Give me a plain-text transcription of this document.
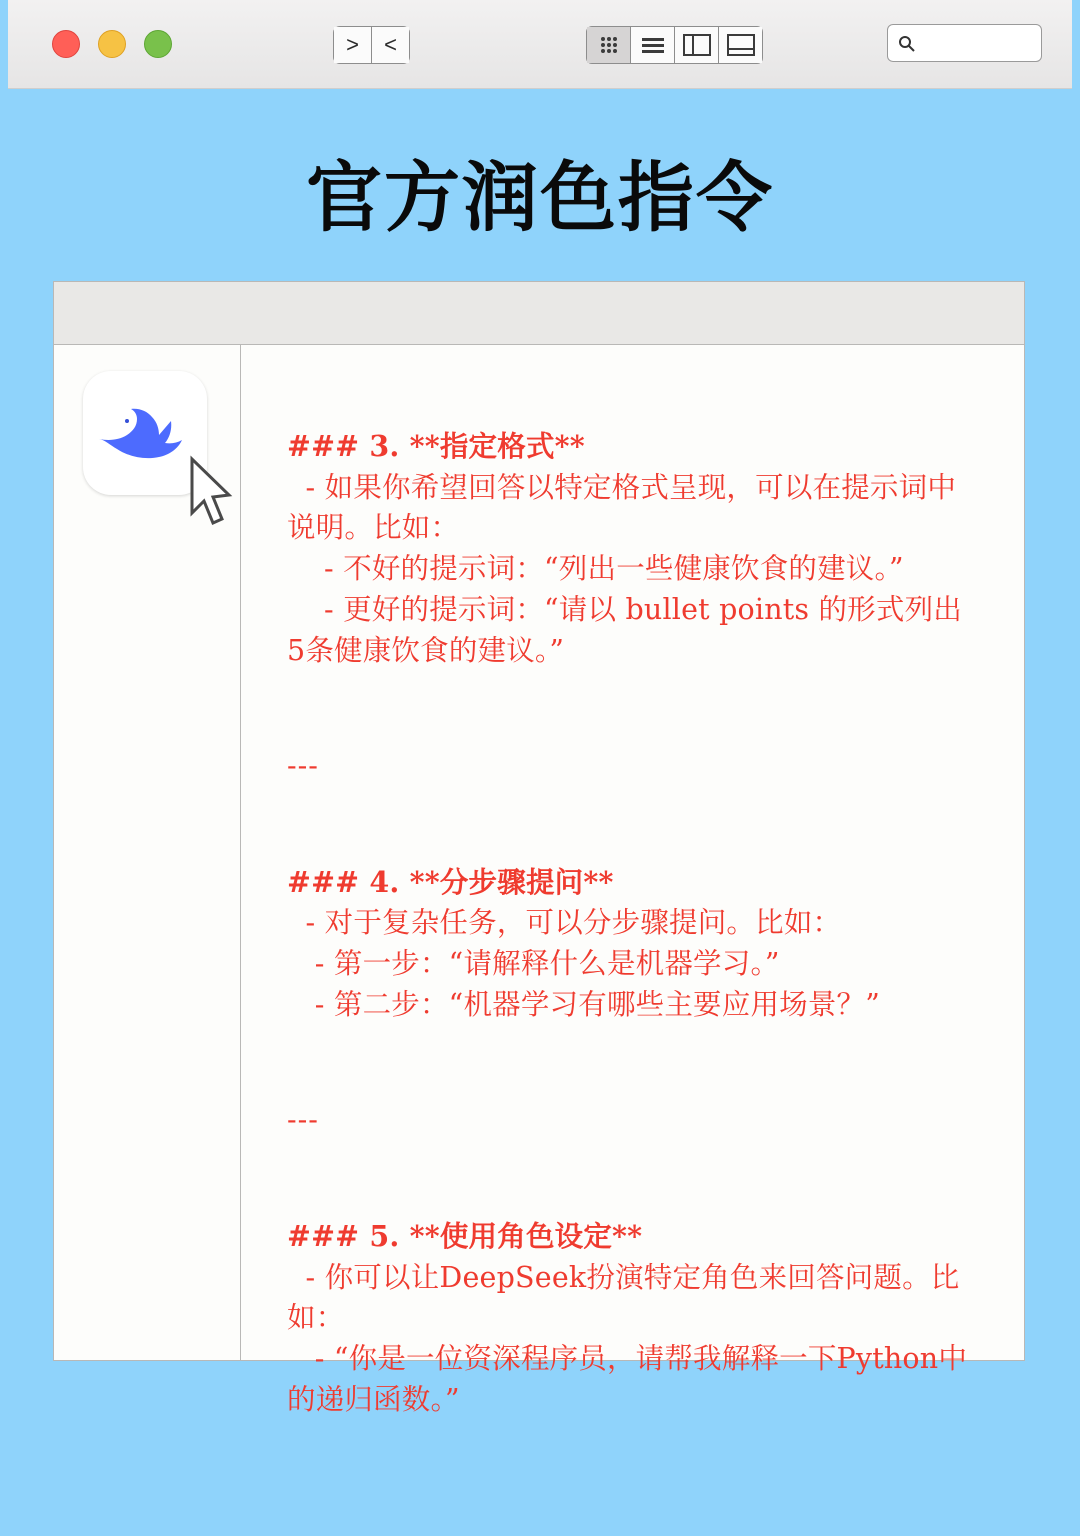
>	<
官方润色指令

### 3. **指定格式**
- 如果你希望回答以特定格式呈现，可以在提示词中说明。比如：
- 不好的提示词：“列出一些健康饮食的建议。”
- 更好的提示词：“请以 bullet points 的形式列出5条健康饮食的建议。”

---

### 4. **分步骤提问**
- 对于复杂任务，可以分步骤提问。比如：
- 第一步：“请解释什么是机器学习。”
- 第二步：“机器学习有哪些主要应用场景？”

---

### 5. **使用角色设定**
- 你可以让DeepSeek扮演特定角色来回答问题。比如：
- “你是一位资深程序员，请帮我解释一下Python中的递归函数。”
